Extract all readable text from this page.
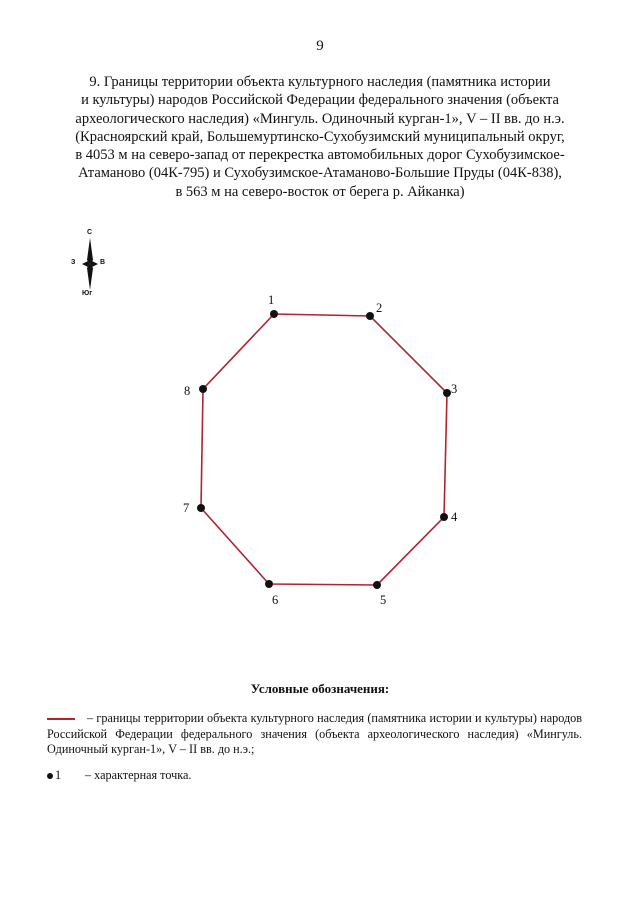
9
9. Границы территории объекта культурного наследия (памятника истории
и культуры) народов Российской Федерации федерального значения (объекта
археологического наследия) «Мингуль. Одиночный курган-1», V – II вв. до н.э.
(Красноярский край, Большемуртинско-Сухобузимский муниципальный округ,
в 4053 м на северо-запад от перекрестка автомобильных дорог Сухобузимское-
Атаманово (04К-795) и Сухобузимское-Атаманово-Большие Пруды (04К-838),
в 563 м на северо-восток от берега р. Айканка)
С
З	В
Юг	1
2
3
4
5
6
7
8
Условные обозначения:
– границы территории объекта культурного наследия (памятника истории и культуры) народов Российской Федерации федерального значения (объекта археологического наследия) «Мингуль. Одиночный курган-1», V – II вв. до н.э.;
1 – характерная точка.
